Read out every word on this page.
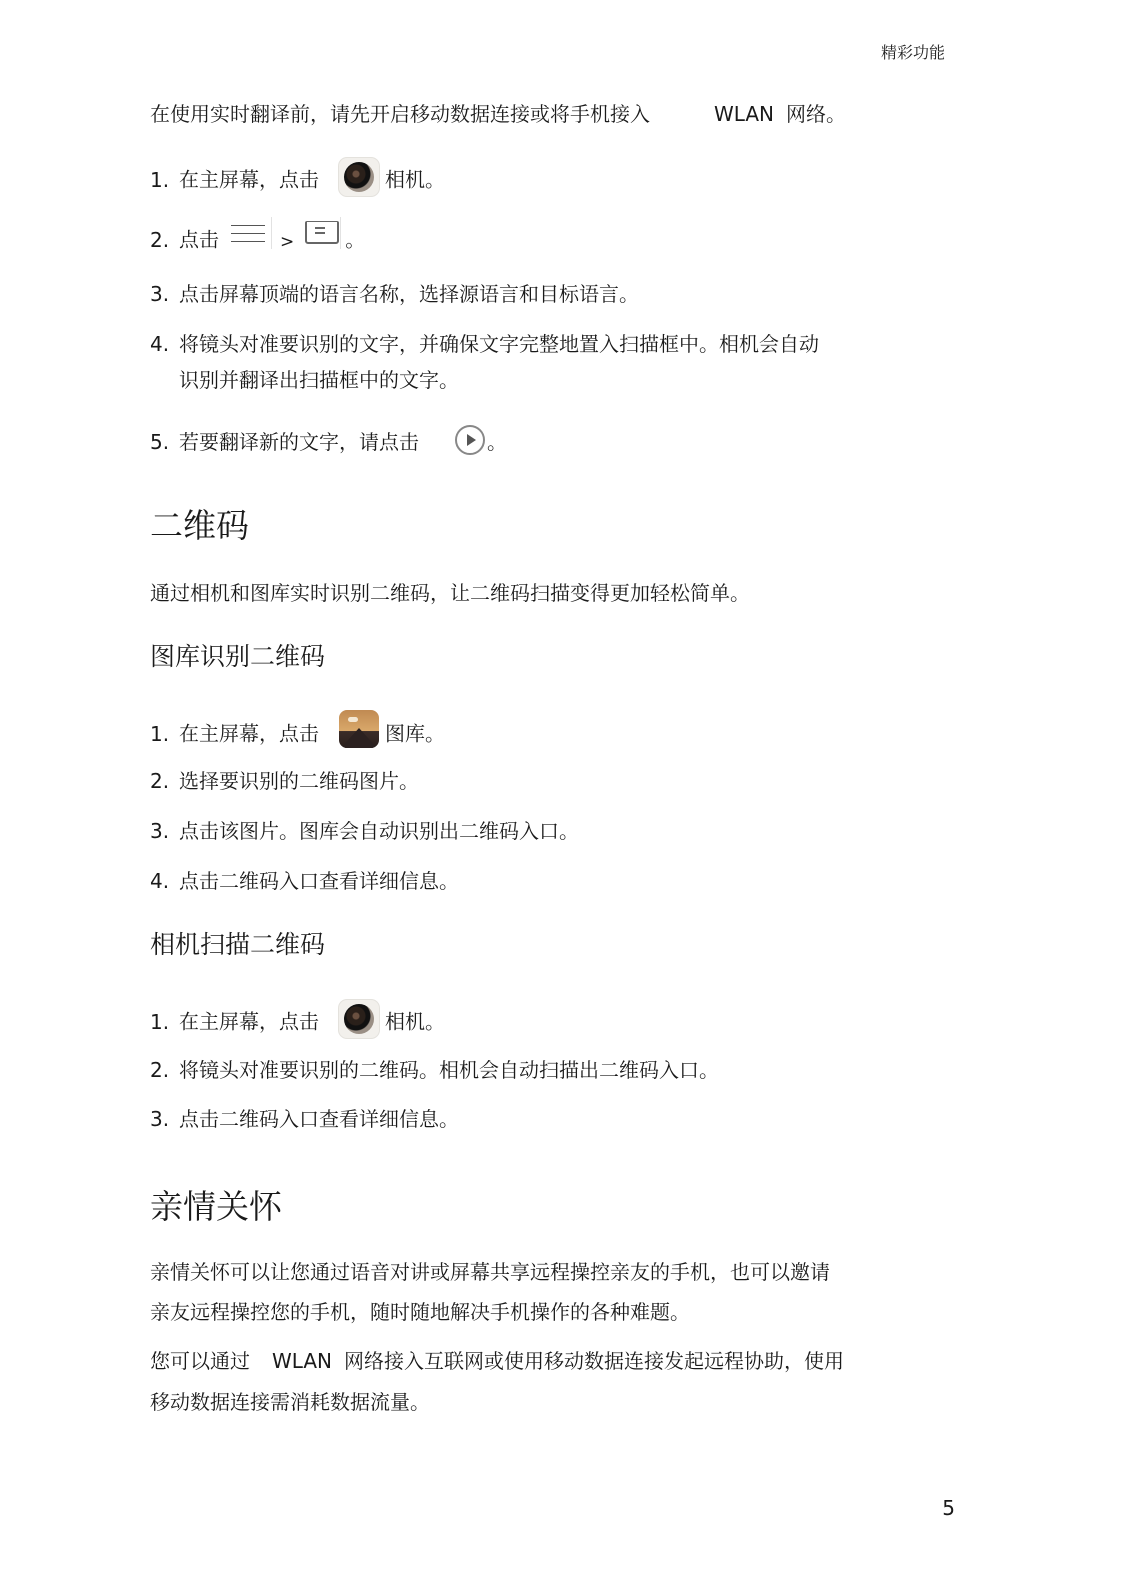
精彩功能
在使用实时翻译前，请先开启移动数据连接或将手机接入	WLAN 网络。
1. 在主屏幕，点击	相机。
2. 点击	>	。
3. 点击屏幕顶端的语言名称，选择源语言和目标语言。
4. 将镜头对准要识别的文字，并确保文字完整地置入扫描框中。相机会自动
识别并翻译出扫描框中的文字。
5. 若要翻译新的文字，请点击	。
二维码
通过相机和图库实时识别二维码，让二维码扫描变得更加轻松简单。
图库识别二维码
1. 在主屏幕，点击	图库。
2. 选择要识别的二维码图片。
3. 点击该图片。图库会自动识别出二维码入口。
4. 点击二维码入口查看详细信息。
相机扫描二维码
1. 在主屏幕，点击	相机。
2. 将镜头对准要识别的二维码。相机会自动扫描出二维码入口。
3. 点击二维码入口查看详细信息。
亲情关怀
亲情关怀可以让您通过语音对讲或屏幕共享远程操控亲友的手机，也可以邀请
亲友远程操控您的手机，随时随地解决手机操作的各种难题。
您可以通过 WLAN 网络接入互联网或使用移动数据连接发起远程协助，使用
移动数据连接需消耗数据流量。
5
